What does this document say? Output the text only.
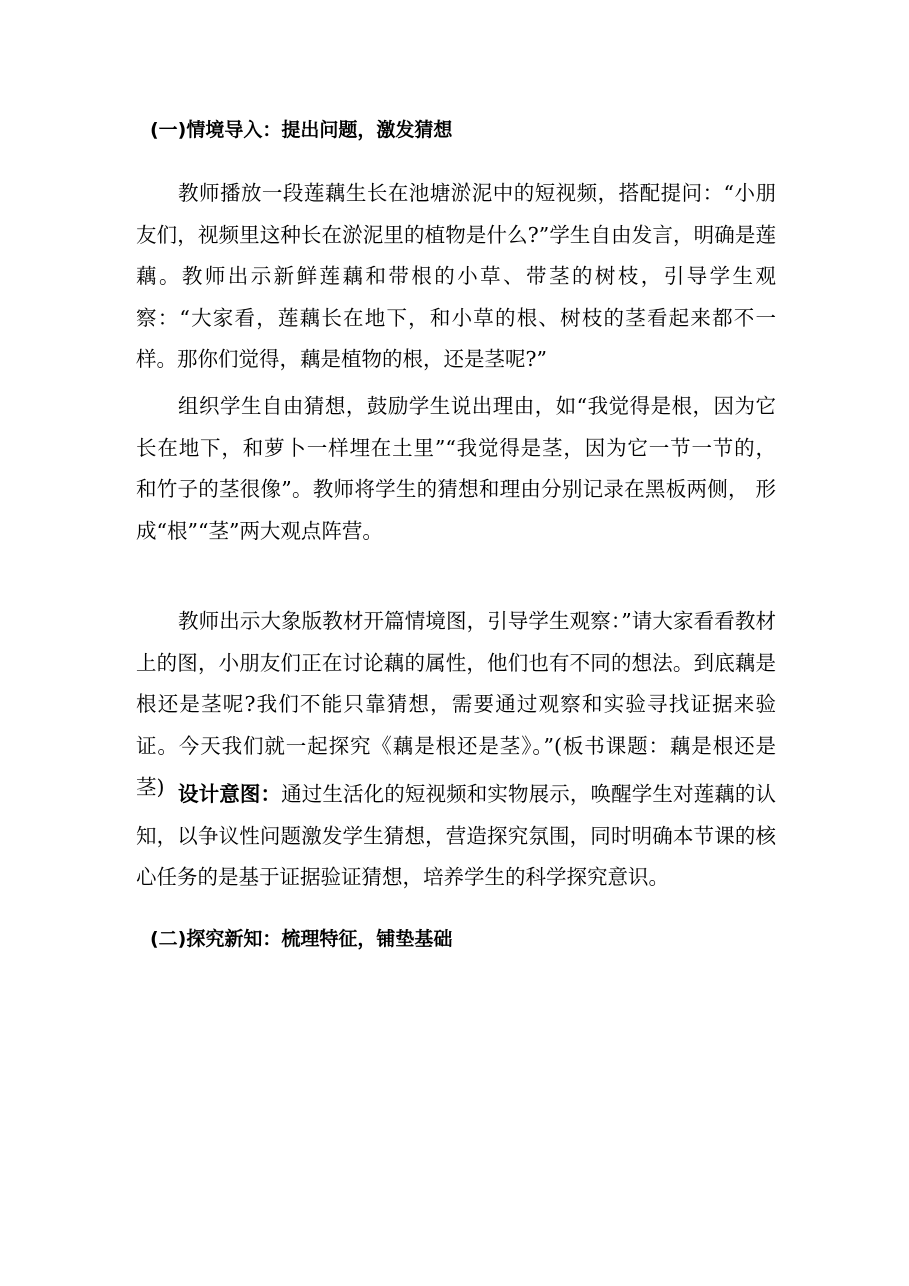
(一)情境导入：提出问题，激发猜想

教师播放一段莲藕生长在池塘淤泥中的短视频，搭配提问：“小朋友们，视频里这种长在淤泥里的植物是什么?”学生自由发言，明确是莲藕。教师出示新鲜莲藕和带根的小草、带茎的树枝，引导学生观察：“大家看，莲藕长在地下，和小草的根、树枝的茎看起来都不一样。那你们觉得，藕是植物的根，还是茎呢?”

组织学生自由猜想，鼓励学生说出理由，如“我觉得是根，因为它长在地下，和萝卜一样埋在土里”“我觉得是茎，因为它一节一节的， 和竹子的茎很像”。教师将学生的猜想和理由分别记录在黑板两侧， 形成“根”“茎”两大观点阵营。

教师出示大象版教材开篇情境图，引导学生观察：”请大家看看教材上的图，小朋友们正在讨论藕的属性，他们也有不同的想法。到底藕是根还是茎呢?我们不能只靠猜想，需要通过观察和实验寻找证据来验证。今天我们就一起探究《藕是根还是茎》。”(板书课题：藕是根还是茎) 设计意图：通过生活化的短视频和实物展示，唤醒学生对莲藕的认知，以争议性问题激发学生猜想，营造探究氛围，同时明确本节课的核心任务的是基于证据验证猜想，培养学生的科学探究意识。

(二)探究新知：梳理特征，铺垫基础
